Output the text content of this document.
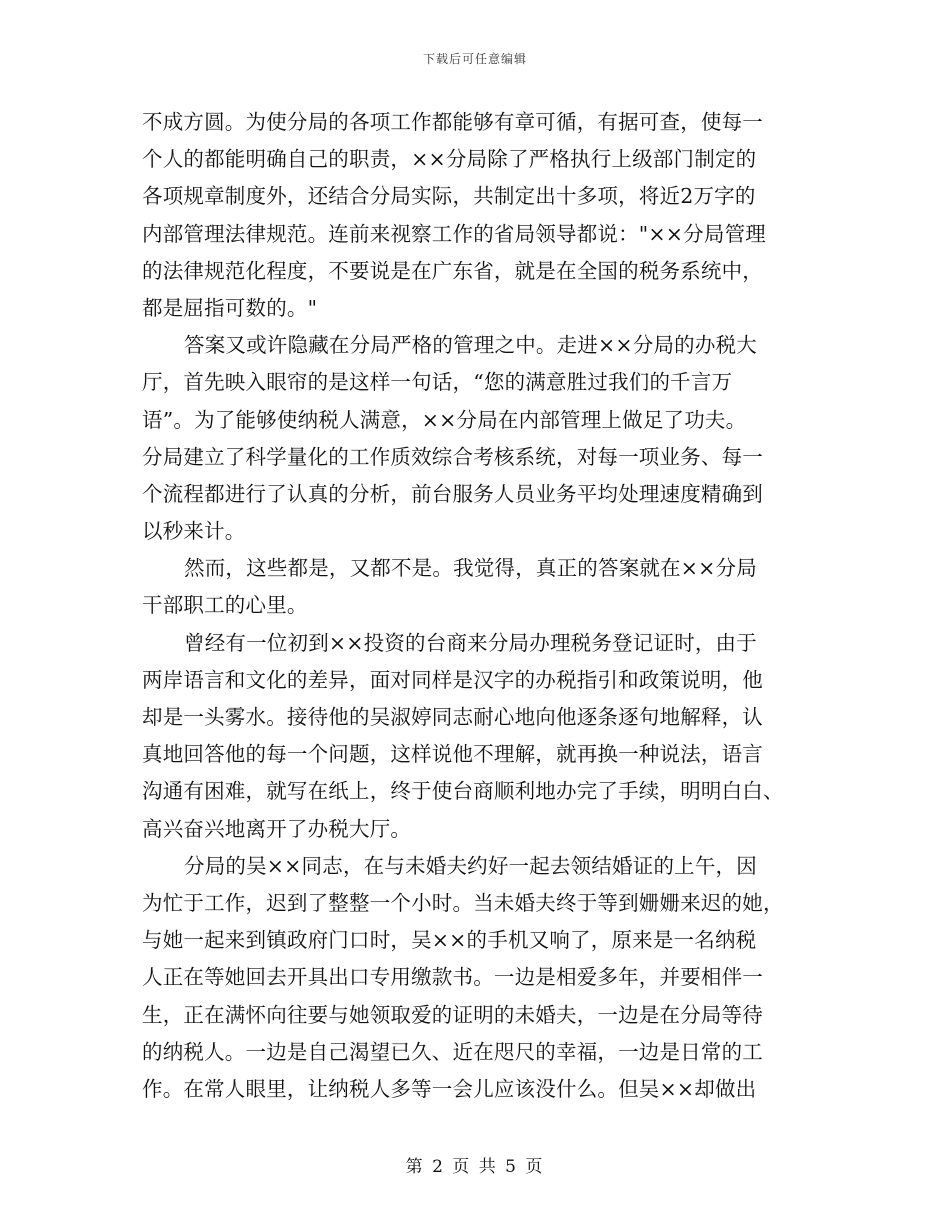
下载后可任意编辑
不成方圆。为使分局的各项工作都能够有章可循，有据可查，使每一
个人的都能明确自己的职责，××分局除了严格执行上级部门制定的
各项规章制度外，还结合分局实际，共制定出十多项，将近2万字的
内部管理法律规范。连前来视察工作的省局领导都说："××分局管理
的法律规范化程度，不要说是在广东省，就是在全国的税务系统中，
都是屈指可数的。"
答案又或许隐藏在分局严格的管理之中。走进××分局的办税大
厅，首先映入眼帘的是这样一句话，“您的满意胜过我们的千言万
语”。为了能够使纳税人满意，××分局在内部管理上做足了功夫。
分局建立了科学量化的工作质效综合考核系统，对每一项业务、每一
个流程都进行了认真的分析，前台服务人员业务平均处理速度精确到
以秒来计。
然而，这些都是，又都不是。我觉得，真正的答案就在××分局
干部职工的心里。
曾经有一位初到××投资的台商来分局办理税务登记证时，由于
两岸语言和文化的差异，面对同样是汉字的办税指引和政策说明，他
却是一头雾水。接待他的吴淑婷同志耐心地向他逐条逐句地解释，认
真地回答他的每一个问题，这样说他不理解，就再换一种说法，语言
沟通有困难，就写在纸上，终于使台商顺利地办完了手续，明明白白、
高兴奋兴地离开了办税大厅。
分局的吴××同志，在与未婚夫约好一起去领结婚证的上午，因
为忙于工作，迟到了整整一个小时。当未婚夫终于等到姗姗来迟的她，
与她一起来到镇政府门口时，吴××的手机又响了，原来是一名纳税
人正在等她回去开具出口专用缴款书。一边是相爱多年，并要相伴一
生，正在满怀向往要与她领取爱的证明的未婚夫，一边是在分局等待
的纳税人。一边是自己渴望已久、近在咫尺的幸福，一边是日常的工
作。在常人眼里，让纳税人多等一会儿应该没什么。但吴××却做出
第 2 页 共 5 页
